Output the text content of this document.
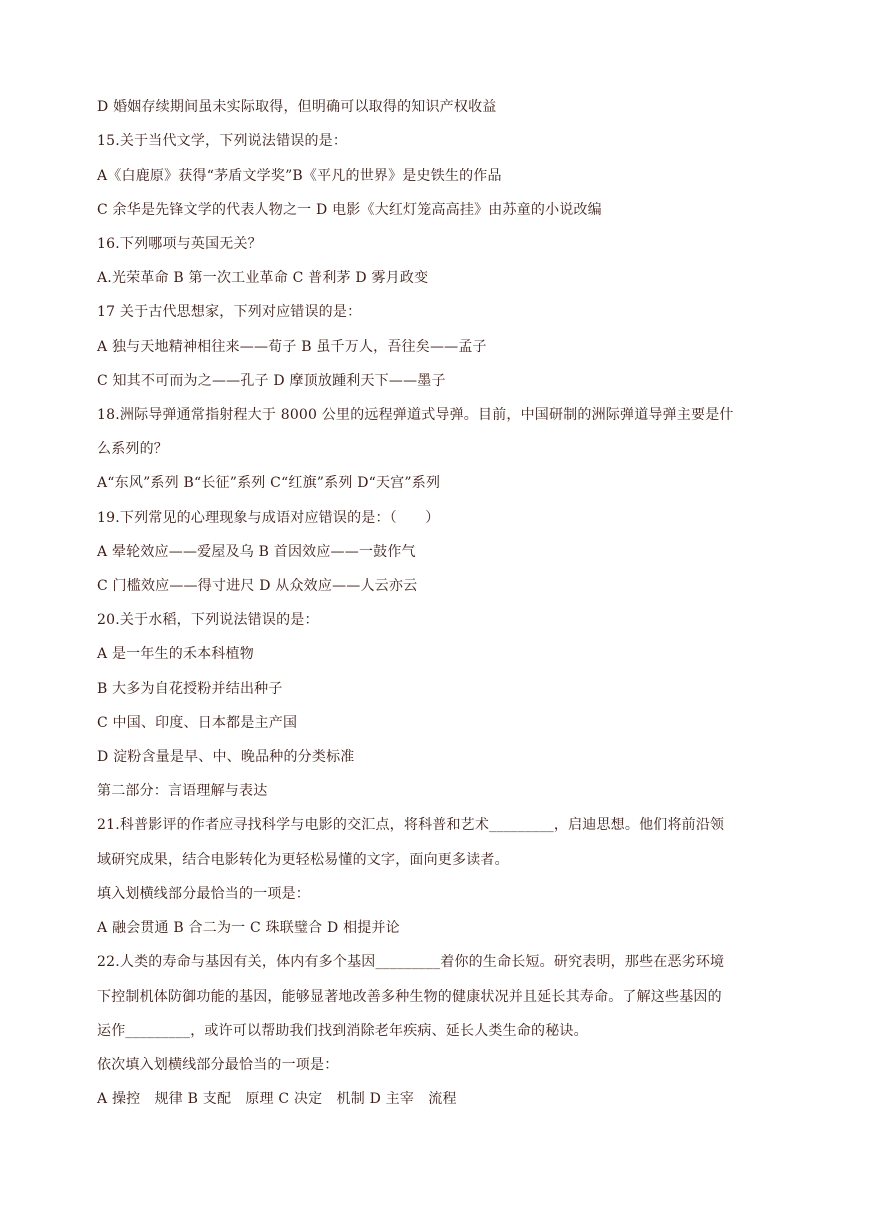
D 婚姻存续期间虽未实际取得，但明确可以取得的知识产权收益
15.关于当代文学，下列说法错误的是：
A《白鹿原》获得“茅盾文学奖”B《平凡的世界》是史铁生的作品
C 余华是先锋文学的代表人物之一 D 电影《大红灯笼高高挂》由苏童的小说改编
16.下列哪项与英国无关？
A.光荣革命 B 第一次工业革命 C 普利茅 D 雾月政变
17 关于古代思想家，下列对应错误的是：
A 独与天地精神相往来——荀子 B 虽千万人，吾往矣——孟子
C 知其不可而为之——孔子 D 摩顶放踵利天下——墨子
18.洲际导弹通常指射程大于 8000 公里的远程弹道式导弹。目前，中国研制的洲际弹道导弹主要是什
么系列的？
A“东风”系列 B“长征”系列 C“红旗”系列 D“天宫”系列
19.下列常见的心理现象与成语对应错误的是：（　　）
A 晕轮效应——爱屋及乌 B 首因效应——一鼓作气
C 门槛效应——得寸进尺 D 从众效应——人云亦云
20.关于水稻，下列说法错误的是：
A 是一年生的禾本科植物
B 大多为自花授粉并结出种子
C 中国、印度、日本都是主产国
D 淀粉含量是早、中、晚品种的分类标准
第二部分：言语理解与表达
21.科普影评的作者应寻找科学与电影的交汇点，将科普和艺术_________，启迪思想。他们将前沿领
域研究成果，结合电影转化为更轻松易懂的文字，面向更多读者。
填入划横线部分最恰当的一项是：
A 融会贯通 B 合二为一 C 珠联璧合 D 相提并论
22.人类的寿命与基因有关，体内有多个基因_________着你的生命长短。研究表明，那些在恶劣环境
下控制机体防御功能的基因，能够显著地改善多种生物的健康状况并且延长其寿命。了解这些基因的
运作_________，或许可以帮助我们找到消除老年疾病、延长人类生命的秘诀。
依次填入划横线部分最恰当的一项是：
A 操控　规律 B 支配　原理 C 决定　机制 D 主宰　流程
